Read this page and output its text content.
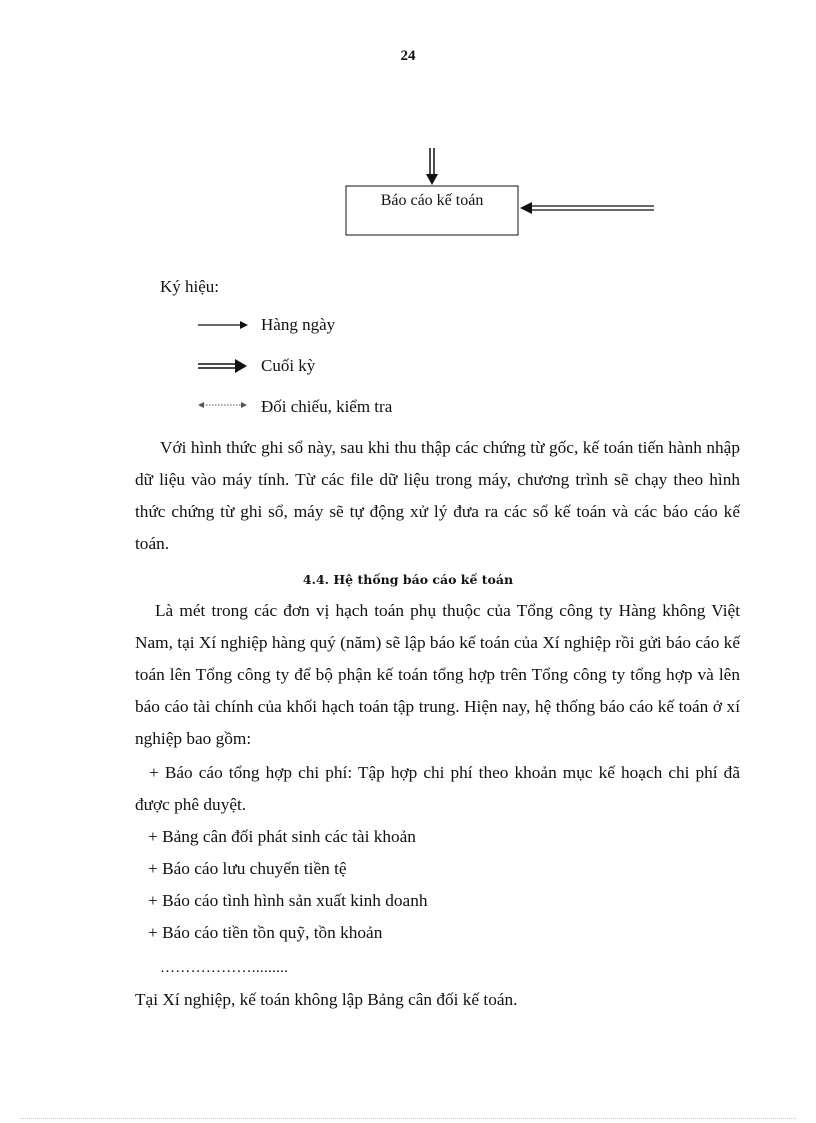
24
Báo cáo kế toán
Ký hiệu:
Hàng ngày
Cuối kỳ
Đối chiếu, kiểm tra
Với hình thức ghi sổ này, sau khi thu thập các chứng từ gốc, kế toán tiến hành nhập dữ liệu vào máy tính. Từ các file dữ liệu trong máy, chương trình sẽ chạy theo hình thức chứng từ ghi sổ, máy sẽ tự động xử lý đưa ra các sổ kế toán và các báo cáo kế toán.
4.4. Hệ thống báo cáo kế toán
Là mét trong các đơn vị hạch toán phụ thuộc của Tổng công ty Hàng không Việt Nam, tại Xí nghiệp hàng quý (năm) sẽ lập báo kế toán của Xí nghiệp rồi gửi báo cáo kế toán lên Tổng công ty để bộ phận kế toán tổng hợp trên Tổng công ty tổng hợp và lên báo cáo tài chính của khối hạch toán tập trung. Hiện nay, hệ thống báo cáo kế toán ở xí nghiệp bao gồm:
+ Báo cáo tổng hợp chi phí: Tập hợp chi phí theo khoản mục kế hoạch chi phí đã được phê duyệt.
+ Bảng cân đối phát sinh các tài khoản
+ Báo cáo lưu chuyển tiền tệ
+ Báo cáo tình hình sản xuất kinh doanh
+ Báo cáo tiền tồn quỹ, tồn khoản
……………….........
Tại Xí nghiệp, kế toán không lập Bảng cân đối kế toán.
